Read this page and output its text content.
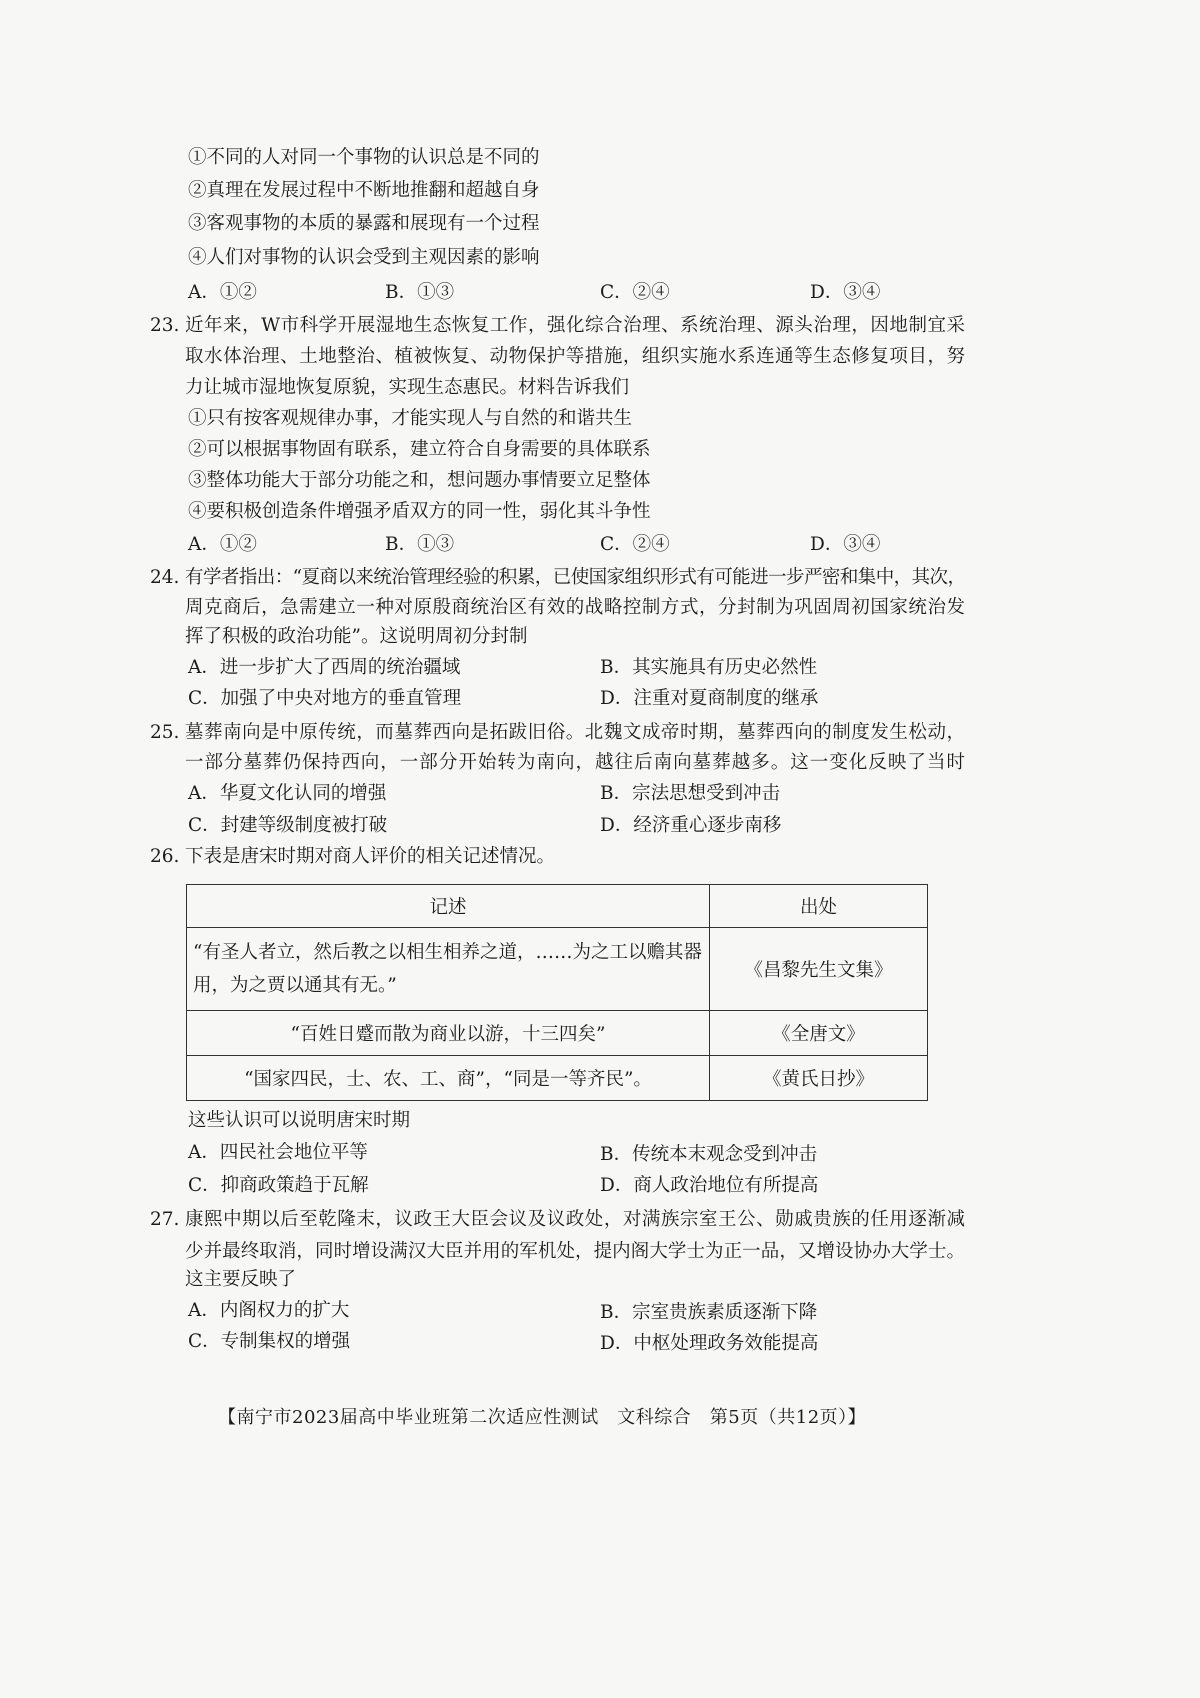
①不同的人对同一个事物的认识总是不同的
②真理在发展过程中不断地推翻和超越自身
③客观事物的本质的暴露和展现有一个过程
④人们对事物的认识会受到主观因素的影响
A．①②	B．①③	C．②④	D．③④
23. 近年来，W市科学开展湿地生态恢复工作，强化综合治理、系统治理、源头治理，因地制宜采
取水体治理、土地整治、植被恢复、动物保护等措施，组织实施水系连通等生态修复项目，努
力让城市湿地恢复原貌，实现生态惠民。材料告诉我们
①只有按客观规律办事，才能实现人与自然的和谐共生
②可以根据事物固有联系，建立符合自身需要的具体联系
③整体功能大于部分功能之和，想问题办事情要立足整体
④要积极创造条件增强矛盾双方的同一性，弱化其斗争性
A．①②	B．①③	C．②④	D．③④
24. 有学者指出：“夏商以来统治管理经验的积累，已使国家组织形式有可能进一步严密和集中，其次，
周克商后，急需建立一种对原殷商统治区有效的战略控制方式，分封制为巩固周初国家统治发
挥了积极的政治功能”。这说明周初分封制
A．进一步扩大了西周的统治疆域	B．其实施具有历史必然性
C．加强了中央对地方的垂直管理	D．注重对夏商制度的继承
25. 墓葬南向是中原传统，而墓葬西向是拓跋旧俗。北魏文成帝时期，墓葬西向的制度发生松动，
一部分墓葬仍保持西向，一部分开始转为南向，越往后南向墓葬越多。这一变化反映了当时
A．华夏文化认同的增强	B．宗法思想受到冲击
C．封建等级制度被打破	D．经济重心逐步南移
26. 下表是唐宋时期对商人评价的相关记述情况。
记述	出处
“有圣人者立，然后教之以相生相养之道，……为之工以赡其器用，为之贾以通其有无。”	《昌黎先生文集》
“百姓日蹙而散为商业以游，十三四矣”	《全唐文》
“国家四民，士、农、工、商”，“同是一等齐民”。	《黄氏日抄》
这些认识可以说明唐宋时期
A．四民社会地位平等	B．传统本末观念受到冲击
C．抑商政策趋于瓦解	D．商人政治地位有所提高
27. 康熙中期以后至乾隆末，议政王大臣会议及议政处，对满族宗室王公、勋戚贵族的任用逐渐减
少并最终取消，同时增设满汉大臣并用的军机处，提内阁大学士为正一品，又增设协办大学士。
这主要反映了
A．内阁权力的扩大	B．宗室贵族素质逐渐下降
C．专制集权的增强	D．中枢处理政务效能提高
【南宁市2023届高中毕业班第二次适应性测试　文科综合　第5页（共12页）】
